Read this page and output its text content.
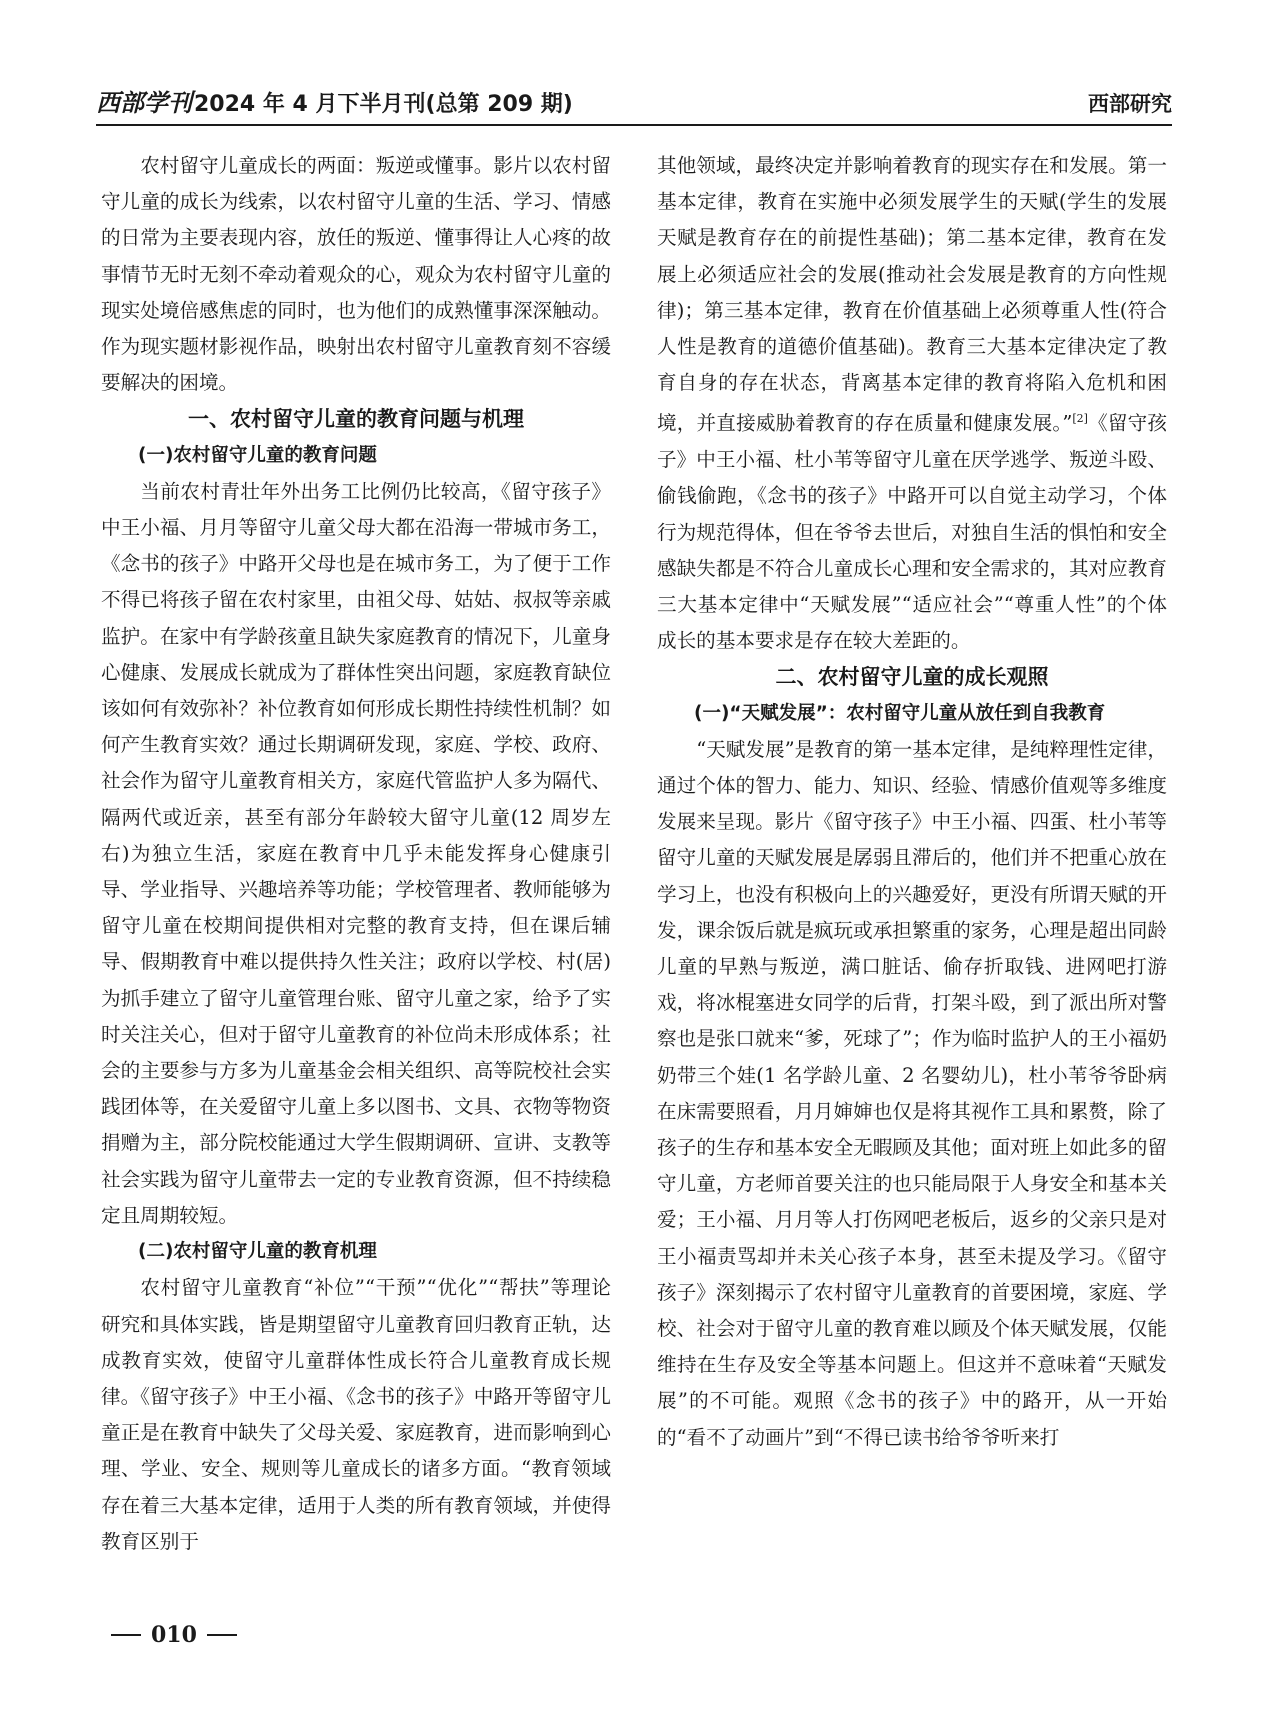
西部学刊 2024 年 4 月下半月刊(总第 209 期)	西部研究

农村留守儿童成长的两面：叛逆或懂事。影片以农村留守儿童的成长为线索，以农村留守儿童的生活、学习、情感的日常为主要表现内容，放任的叛逆、懂事得让人心疼的故事情节无时无刻不牵动着观众的心，观众为农村留守儿童的现实处境倍感焦虑的同时，也为他们的成熟懂事深深触动。作为现实题材影视作品，映射出农村留守儿童教育刻不容缓要解决的困境。

一、农村留守儿童的教育问题与机理
(一)农村留守儿童的教育问题

当前农村青壮年外出务工比例仍比较高，《留守孩子》中王小福、月月等留守儿童父母大都在沿海一带城市务工，《念书的孩子》中路开父母也是在城市务工，为了便于工作不得已将孩子留在农村家里，由祖父母、姑姑、叔叔等亲戚监护。在家中有学龄孩童且缺失家庭教育的情况下，儿童身心健康、发展成长就成为了群体性突出问题，家庭教育缺位该如何有效弥补？补位教育如何形成长期性持续性机制？如何产生教育实效？通过长期调研发现，家庭、学校、政府、社会作为留守儿童教育相关方，家庭代管监护人多为隔代、隔两代或近亲，甚至有部分年龄较大留守儿童(12 周岁左右)为独立生活，家庭在教育中几乎未能发挥身心健康引导、学业指导、兴趣培养等功能；学校管理者、教师能够为留守儿童在校期间提供相对完整的教育支持，但在课后辅导、假期教育中难以提供持久性关注；政府以学校、村(居)为抓手建立了留守儿童管理台账、留守儿童之家，给予了实时关注关心，但对于留守儿童教育的补位尚未形成体系；社会的主要参与方多为儿童基金会相关组织、高等院校社会实践团体等，在关爱留守儿童上多以图书、文具、衣物等物资捐赠为主，部分院校能通过大学生假期调研、宣讲、支教等社会实践为留守儿童带去一定的专业教育资源，但不持续稳定且周期较短。

(二)农村留守儿童的教育机理

农村留守儿童教育“补位”“干预”“优化”“帮扶”等理论研究和具体实践，皆是期望留守儿童教育回归教育正轨，达成教育实效，使留守儿童群体性成长符合儿童教育成长规律。《留守孩子》中王小福、《念书的孩子》中路开等留守儿童正是在教育中缺失了父母关爱、家庭教育，进而影响到心理、学业、安全、规则等儿童成长的诸多方面。“教育领域存在着三大基本定律，适用于人类的所有教育领域，并使得教育区别于

其他领域，最终决定并影响着教育的现实存在和发展。第一基本定律，教育在实施中必须发展学生的天赋(学生的发展天赋是教育存在的前提性基础)；第二基本定律，教育在发展上必须适应社会的发展(推动社会发展是教育的方向性规律)；第三基本定律，教育在价值基础上必须尊重人性(符合人性是教育的道德价值基础)。教育三大基本定律决定了教育自身的存在状态，背离基本定律的教育将陷入危机和困境，并直接威胁着教育的存在质量和健康发展。”[2]《留守孩子》中王小福、杜小苇等留守儿童在厌学逃学、叛逆斗殴、偷钱偷跑，《念书的孩子》中路开可以自觉主动学习，个体行为规范得体，但在爷爷去世后，对独自生活的惧怕和安全感缺失都是不符合儿童成长心理和安全需求的，其对应教育三大基本定律中“天赋发展”“适应社会”“尊重人性”的个体成长的基本要求是存在较大差距的。

二、农村留守儿童的成长观照
(一)“天赋发展”：农村留守儿童从放任到自我教育

“天赋发展”是教育的第一基本定律，是纯粹理性定律，通过个体的智力、能力、知识、经验、情感价值观等多维度发展来呈现。影片《留守孩子》中王小福、四蛋、杜小苇等留守儿童的天赋发展是孱弱且滞后的，他们并不把重心放在学习上，也没有积极向上的兴趣爱好，更没有所谓天赋的开发，课余饭后就是疯玩或承担繁重的家务，心理是超出同龄儿童的早熟与叛逆，满口脏话、偷存折取钱、进网吧打游戏，将冰棍塞进女同学的后背，打架斗殴，到了派出所对警察也是张口就来“爹，死球了”；作为临时监护人的王小福奶奶带三个娃(1 名学龄儿童、2 名婴幼儿)，杜小苇爷爷卧病在床需要照看，月月婶婶也仅是将其视作工具和累赘，除了孩子的生存和基本安全无暇顾及其他；面对班上如此多的留守儿童，方老师首要关注的也只能局限于人身安全和基本关爱；王小福、月月等人打伤网吧老板后，返乡的父亲只是对王小福责骂却并未关心孩子本身，甚至未提及学习。《留守孩子》深刻揭示了农村留守儿童教育的首要困境，家庭、学校、社会对于留守儿童的教育难以顾及个体天赋发展，仅能维持在生存及安全等基本问题上。但这并不意味着“天赋发展”的不可能。观照《念书的孩子》中的路开，从一开始的“看不了动画片”到“不得已读书给爷爷听来打

010
